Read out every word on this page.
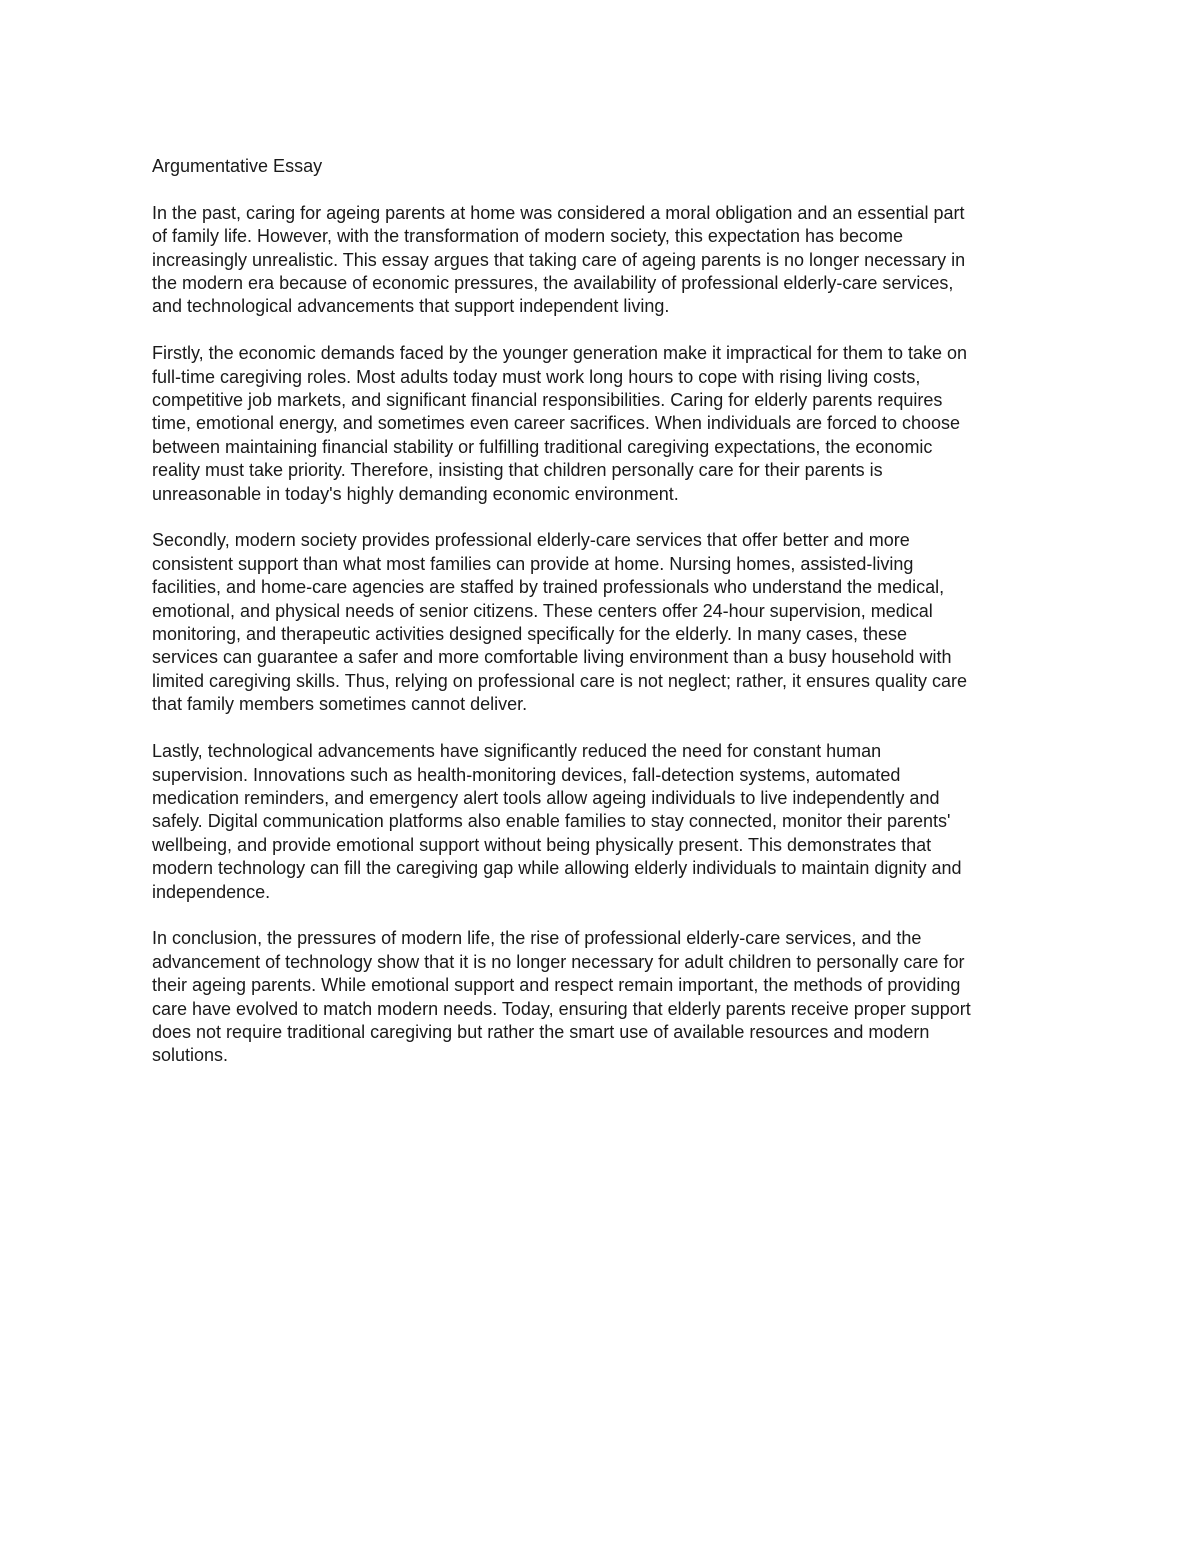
Argumentative Essay
In the past, caring for ageing parents at home was considered a moral obligation and an essential part
of family life. However, with the transformation of modern society, this expectation has become
increasingly unrealistic. This essay argues that taking care of ageing parents is no longer necessary in
the modern era because of economic pressures, the availability of professional elderly-care services,
and technological advancements that support independent living.
Firstly, the economic demands faced by the younger generation make it impractical for them to take on
full-time caregiving roles. Most adults today must work long hours to cope with rising living costs,
competitive job markets, and significant financial responsibilities. Caring for elderly parents requires
time, emotional energy, and sometimes even career sacrifices. When individuals are forced to choose
between maintaining financial stability or fulfilling traditional caregiving expectations, the economic
reality must take priority. Therefore, insisting that children personally care for their parents is
unreasonable in today's highly demanding economic environment.
Secondly, modern society provides professional elderly-care services that offer better and more
consistent support than what most families can provide at home. Nursing homes, assisted-living
facilities, and home-care agencies are staffed by trained professionals who understand the medical,
emotional, and physical needs of senior citizens. These centers offer 24-hour supervision, medical
monitoring, and therapeutic activities designed specifically for the elderly. In many cases, these
services can guarantee a safer and more comfortable living environment than a busy household with
limited caregiving skills. Thus, relying on professional care is not neglect; rather, it ensures quality care
that family members sometimes cannot deliver.
Lastly, technological advancements have significantly reduced the need for constant human
supervision. Innovations such as health-monitoring devices, fall-detection systems, automated
medication reminders, and emergency alert tools allow ageing individuals to live independently and
safely. Digital communication platforms also enable families to stay connected, monitor their parents'
wellbeing, and provide emotional support without being physically present. This demonstrates that
modern technology can fill the caregiving gap while allowing elderly individuals to maintain dignity and
independence.
In conclusion, the pressures of modern life, the rise of professional elderly-care services, and the
advancement of technology show that it is no longer necessary for adult children to personally care for
their ageing parents. While emotional support and respect remain important, the methods of providing
care have evolved to match modern needs. Today, ensuring that elderly parents receive proper support
does not require traditional caregiving but rather the smart use of available resources and modern
solutions.
